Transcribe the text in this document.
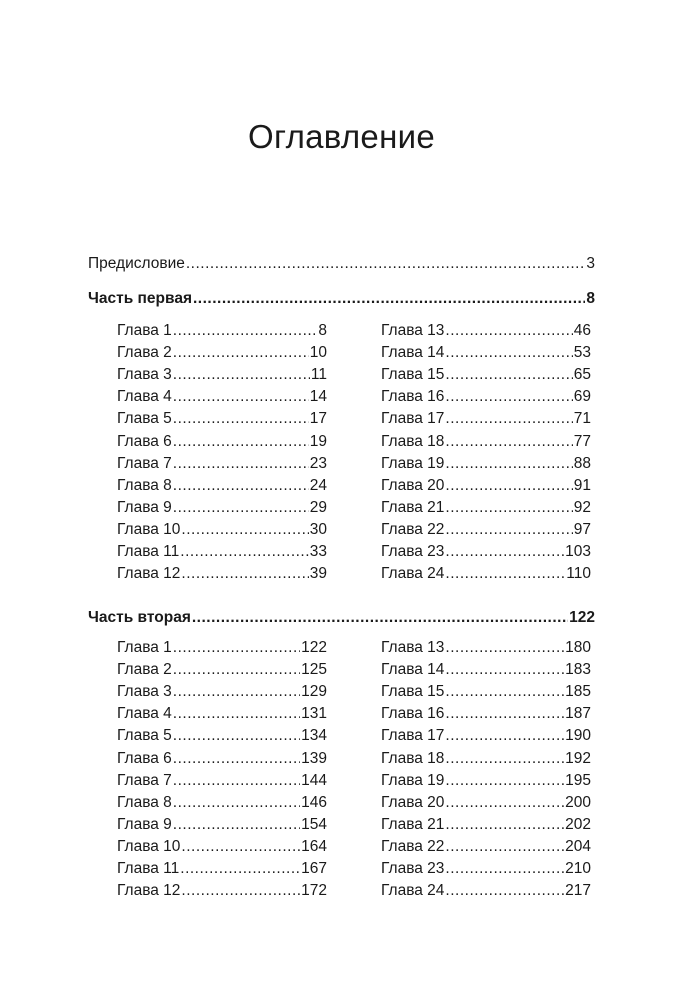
Оглавление
Предисловие .....	3
Часть первая .....	8
Глава 1 .....	8
Глава 2 .....	10
Глава 3 .....	11
Глава 4 .....	14
Глава 5 .....	17
Глава 6 .....	19
Глава 7 .....	23
Глава 8 .....	24
Глава 9 .....	29
Глава 10 .....	30
Глава 11 .....	33
Глава 12 .....	39
Глава 13 .....	46
Глава 14 .....	53
Глава 15 .....	65
Глава 16 .....	69
Глава 17 .....	71
Глава 18 .....	77
Глава 19 .....	88
Глава 20 .....	91
Глава 21 .....	92
Глава 22 .....	97
Глава 23 .....	103
Глава 24 .....	110
Часть вторая .....	122
Глава 1 .....	122
Глава 2 .....	125
Глава 3 .....	129
Глава 4 .....	131
Глава 5 .....	134
Глава 6 .....	139
Глава 7 .....	144
Глава 8 .....	146
Глава 9 .....	154
Глава 10 .....	164
Глава 11 .....	167
Глава 12 .....	172
Глава 13 .....	180
Глава 14 .....	183
Глава 15 .....	185
Глава 16 .....	187
Глава 17 .....	190
Глава 18 .....	192
Глава 19 .....	195
Глава 20 .....	200
Глава 21 .....	202
Глава 22 .....	204
Глава 23 .....	210
Глава 24 .....	217
